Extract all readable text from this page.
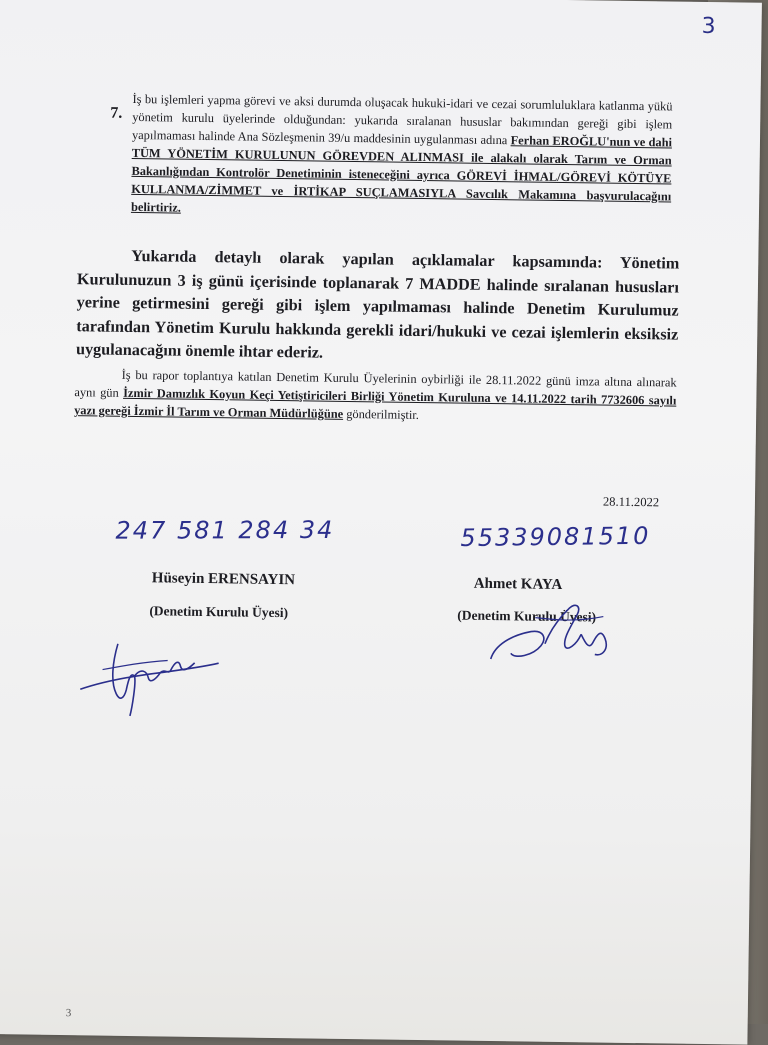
3
7. İş bu işlemleri yapma görevi ve aksi durumda oluşacak hukuki-idari ve cezai sorumluluklara katlanma yükü yönetim kurulu üyelerinde olduğundan: yukarıda sıralanan hususlar bakımından gereği gibi işlem yapılmaması halinde Ana Sözleşmenin 39/u maddesinin uygulanması adına Ferhan EROĞLU'nun ve dahi TÜM YÖNETİM KURULUNUN GÖREVDEN ALINMASI ile alakalı olarak Tarım ve Orman Bakanlığından Kontrolör Denetiminin isteneceğini ayrıca GÖREVİ İHMAL/GÖREVİ KÖTÜYE KULLANMA/ZİMMET ve İRTİKAP SUÇLAMASIYLA Savcılık Makamına başvurulacağını belirtiriz.
Yukarıda detaylı olarak yapılan açıklamalar kapsamında: Yönetim Kurulunuzun 3 iş günü içerisinde toplanarak 7 MADDE halinde sıralanan hususları yerine getirmesini gereği gibi işlem yapılmaması halinde Denetim Kurulumuz tarafından Yönetim Kurulu hakkında gerekli idari/hukuki ve cezai işlemlerin eksiksiz uygulanacağını önemle ihtar ederiz.
İş bu rapor toplantıya katılan Denetim Kurulu Üyelerinin oybirliği ile 28.11.2022 günü imza altına alınarak aynı gün İzmir Damızlık Koyun Keçi Yetiştiricileri Birliği Yönetim Kuruluna ve 14.11.2022 tarih 7732606 sayılı yazı gereği İzmir İl Tarım ve Orman Müdürlüğüne gönderilmiştir.
28.11.2022
247 581 284 34	55339081510
Hüseyin ERENSAYIN
(Denetim Kurulu Üyesi)
Ahmet KAYA
(Denetim Kurulu Üyesi)
3
